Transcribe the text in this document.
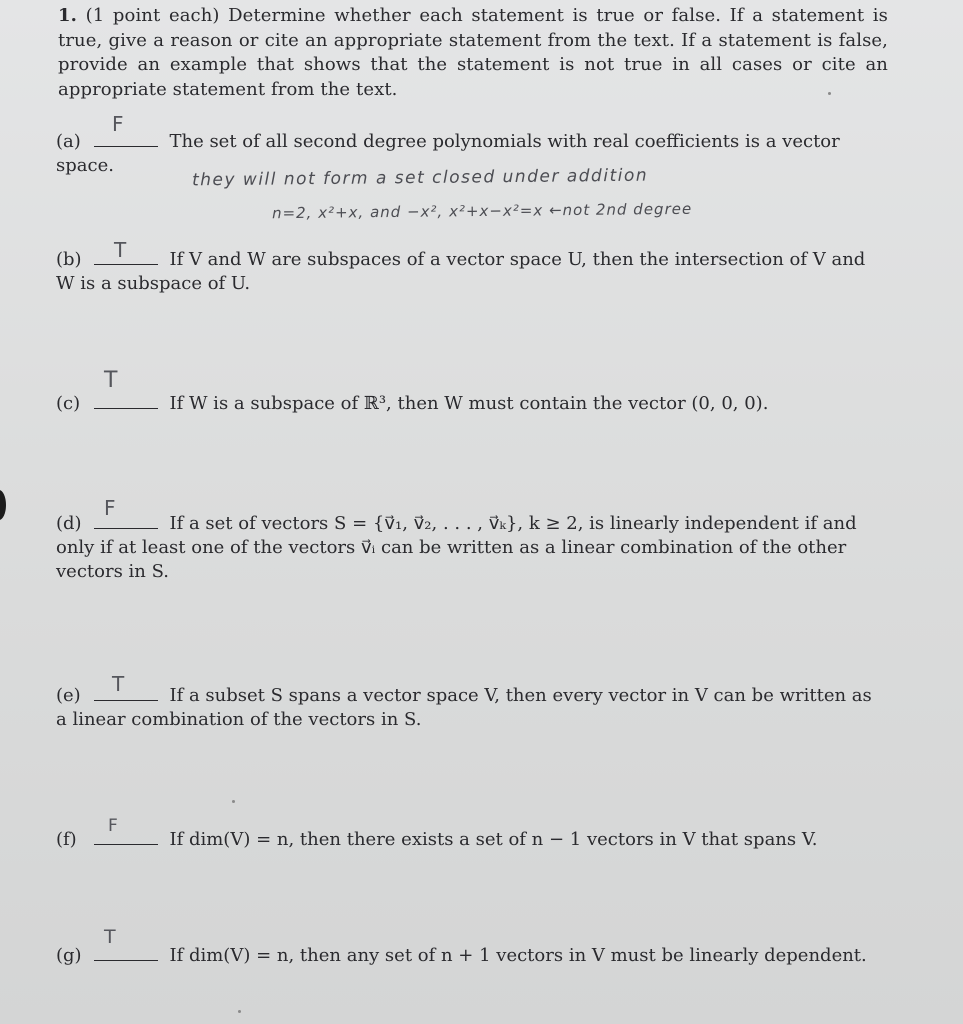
1. (1 point each) Determine whether each statement is true or false. If a statement is true, give a reason or cite an appropriate statement from the text. If a statement is false, provide an example that shows that the statement is not true in all cases or cite an appropriate statement from the text.
(a)	The set of all second degree polynomials with real coefficients is a vector space.
F
they will not form a set closed under addition
n=2, x²+x, and −x², x²+x−x²=x ←not 2nd degree
(b)	If V and W are subspaces of a vector space U, then the intersection of V and W is a subspace of U.
T
(c)	If W is a subspace of ℝ³, then W must contain the vector (0, 0, 0).
T
(d)	If a set of vectors S = {v⃗₁, v⃗₂, . . . , v⃗ₖ}, k ≥ 2, is linearly independent if and only if at least one of the vectors v⃗ᵢ can be written as a linear combination of the other vectors in S.
F
(e)	If a subset S spans a vector space V, then every vector in V can be written as a linear combination of the vectors in S.
T
(f)	If dim(V) = n, then there exists a set of n − 1 vectors in V that spans V.
F
(g)	If dim(V) = n, then any set of n + 1 vectors in V must be linearly dependent.
T
